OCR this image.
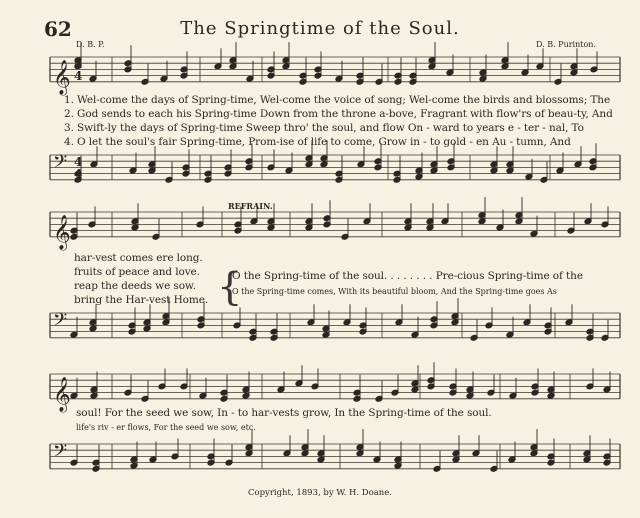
62	The Springtime of the Soul.
D. B. P.	D. B. Purinton.
𝄞 4
4
𝄢 4
4
𝄞
𝄢
𝄞
𝄢
1. Wel-come the days of Spring-time, Wel-come the voice of song; Wel-come the birds and blossoms; The
2. God sends to each his Spring-time Down from the throne a-bove, Fragrant with flow'rs of beau-ty, And
3. Swift-ly the days of Spring-time Sweep thro' the soul, and flow On - ward to years e - ter - nal, To
4. O let the soul's fair Spring-time, Prom-ise of life to come, Grow in - to gold - en Au - tumn, And
REFRAIN.
har-vest comes ere long.
fruits of peace and love.
reap the deeds we sow.
bring the Har-vest Home. {
O the Spring-time of the soul. . . . . . . . Pre-cious Spring-time of the
O the Spring-time comes, With its beautiful bloom, And the Spring-time goes As
soul! For the seed we sow, In - to har-vests grow, In the Spring-time of the soul.
life's riv - er flows, For the seed we sow, etc.
Copyright, 1893, by W. H. Doane.
